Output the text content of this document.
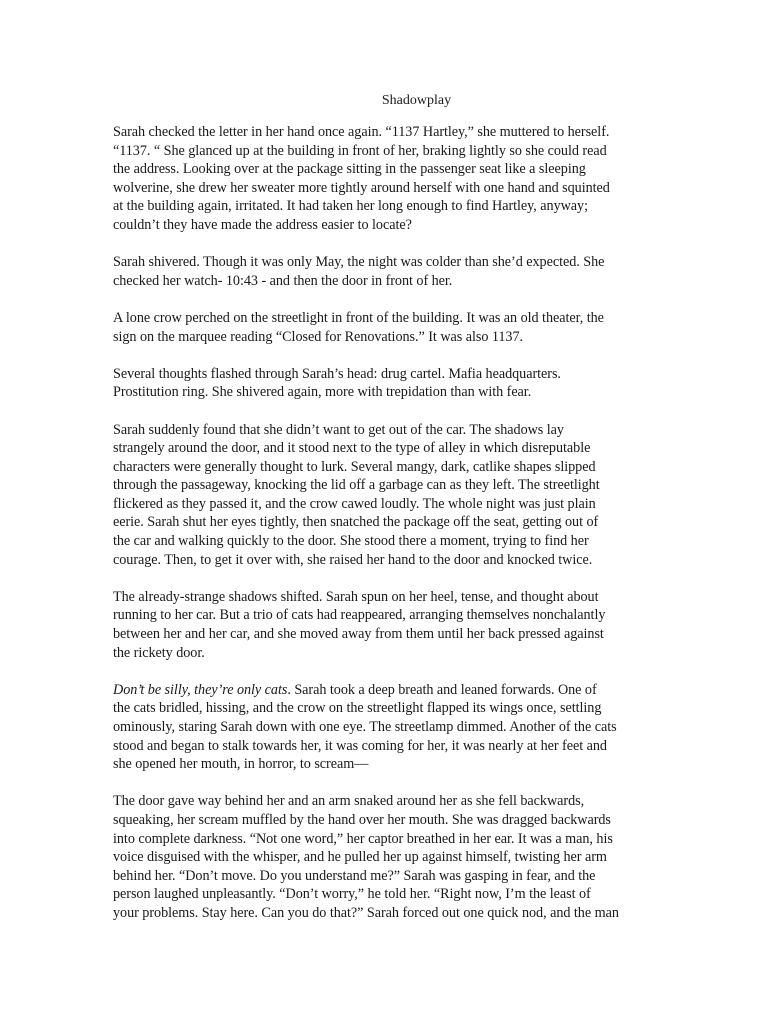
Shadowplay
Sarah checked the letter in her hand once again. “1137 Hartley,” she muttered to herself.
“1137. “ She glanced up at the building in front of her, braking lightly so she could read
the address. Looking over at the package sitting in the passenger seat like a sleeping
wolverine, she drew her sweater more tightly around herself with one hand and squinted
at the building again, irritated. It had taken her long enough to find Hartley, anyway;
couldn’t they have made the address easier to locate?
Sarah shivered. Though it was only May, the night was colder than she’d expected. She
checked her watch- 10:43 - and then the door in front of her.
A lone crow perched on the streetlight in front of the building. It was an old theater, the
sign on the marquee reading “Closed for Renovations.” It was also 1137.
Several thoughts flashed through Sarah’s head: drug cartel. Mafia headquarters.
Prostitution ring. She shivered again, more with trepidation than with fear.
Sarah suddenly found that she didn’t want to get out of the car. The shadows lay
strangely around the door, and it stood next to the type of alley in which disreputable
characters were generally thought to lurk. Several mangy, dark, catlike shapes slipped
through the passageway, knocking the lid off a garbage can as they left. The streetlight
flickered as they passed it, and the crow cawed loudly. The whole night was just plain
eerie. Sarah shut her eyes tightly, then snatched the package off the seat, getting out of
the car and walking quickly to the door. She stood there a moment, trying to find her
courage. Then, to get it over with, she raised her hand to the door and knocked twice.
The already-strange shadows shifted. Sarah spun on her heel, tense, and thought about
running to her car. But a trio of cats had reappeared, arranging themselves nonchalantly
between her and her car, and she moved away from them until her back pressed against
the rickety door.
Don’t be silly, they’re only cats. Sarah took a deep breath and leaned forwards. One of
the cats bridled, hissing, and the crow on the streetlight flapped its wings once, settling
ominously, staring Sarah down with one eye. The streetlamp dimmed. Another of the cats
stood and began to stalk towards her, it was coming for her, it was nearly at her feet and
she opened her mouth, in horror, to scream—
The door gave way behind her and an arm snaked around her as she fell backwards,
squeaking, her scream muffled by the hand over her mouth. She was dragged backwards
into complete darkness. “Not one word,” her captor breathed in her ear. It was a man, his
voice disguised with the whisper, and he pulled her up against himself, twisting her arm
behind her. “Don’t move. Do you understand me?” Sarah was gasping in fear, and the
person laughed unpleasantly. “Don’t worry,” he told her. “Right now, I’m the least of
your problems. Stay here. Can you do that?” Sarah forced out one quick nod, and the man
